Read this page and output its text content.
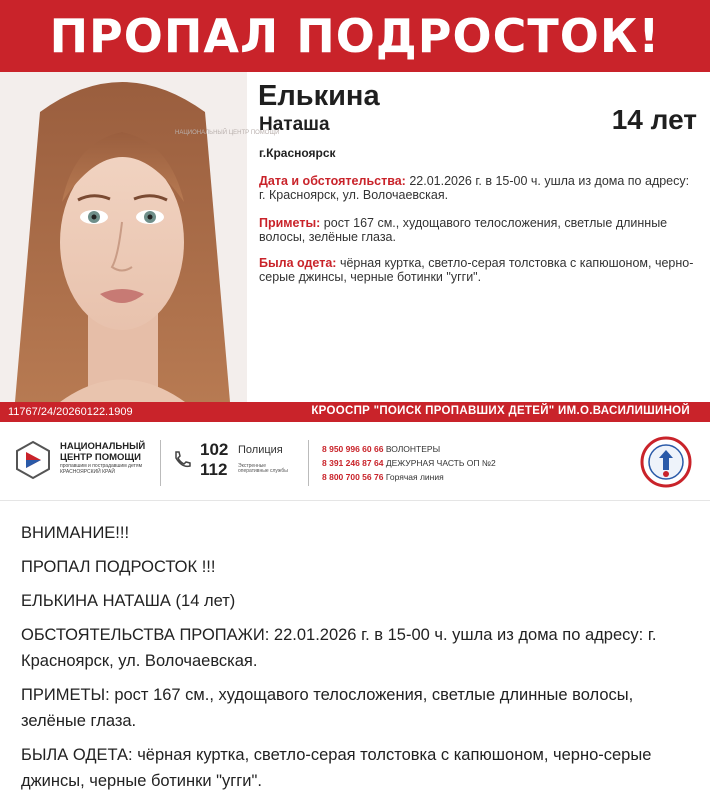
ПРОПАЛ ПОДРОСТОК!
НАЦИОНАЛЬНЫЙ ЦЕНТР ПОМОЩИ
Елькина
Наташа	14 лет
г.Красноярск
Дата и обстоятельства: 22.01.2026 г. в 15-00 ч. ушла из дома по адресу: г. Красноярск, ул. Волочаевская.
Приметы: рост 167 см., худощавого телосложения, светлые длинные волосы, зелёные глаза.
Была одета: чёрная куртка, светло-серая толстовка с капюшоном, черно-серые джинсы, черные ботинки "угги".
11767/24/20260122.1909	КРООСПР "ПОИСК ПРОПАВШИХ ДЕТЕЙ" ИМ.О.ВАСИЛИШИНОЙ
НАЦИОНАЛЬНЫЙ
ЦЕНТР ПОМОЩИ
пропавшим и пострадавшим детям
КРАСНОЯРСКИЙ КРАЙ
102 Полиция
112 Экстренные оперативные службы
8 950 996 60 66 ВОЛОНТЕРЫ
8 391 246 87 64 ДЕЖУРНАЯ ЧАСТЬ ОП №2
8 800 700 56 76 Горячая линия

ВНИМАНИЕ!!!

ПРОПАЛ ПОДРОСТОК !!!

ЕЛЬКИНА НАТАША (14 лет)

ОБСТОЯТЕЛЬСТВА ПРОПАЖИ: 22.01.2026 г. в 15-00 ч. ушла из дома по адресу: г. Красноярск, ул. Волочаевская.

ПРИМЕТЫ: рост 167 см., худощавого телосложения, светлые длинные волосы, зелёные глаза.

БЫЛА ОДЕТА: чёрная куртка, светло-серая толстовка с капюшоном, черно-серые джинсы, черные ботинки "угги".
